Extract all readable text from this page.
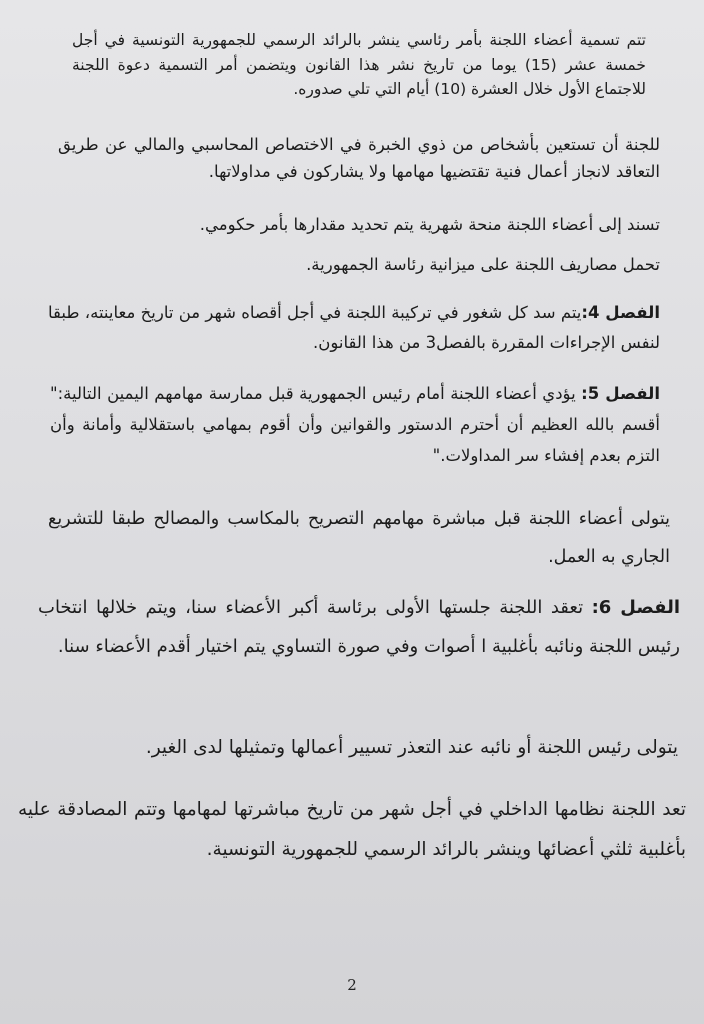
تتم تسمية أعضاء اللجنة بأمر رئاسي ينشر بالرائد الرسمي للجمهورية التونسية في أجل خمسة عشر (15) يوما من تاريخ نشر هذا القانون ويتضمن أمر التسمية دعوة اللجنة للاجتماع الأول خلال العشرة (10) أيام التي تلي صدوره.

للجنة أن تستعين بأشخاص من ذوي الخبرة في الاختصاص المحاسبي والمالي عن طريق التعاقد لانجاز أعمال فنية تقتضيها مهامها ولا يشاركون في مداولاتها.

تسند إلى أعضاء اللجنة منحة شهرية يتم تحديد مقدارها بأمر حكومي.

تحمل مصاريف اللجنة على ميزانية رئاسة الجمهورية.

الفصل 4:يتم سد كل شغور في تركيبة اللجنة في أجل أقصاه شهر من تاريخ معاينته، طبقا لنفس الإجراءات المقررة بالفصل3 من هذا القانون.

الفصل 5: يؤدي أعضاء اللجنة أمام رئيس الجمهورية قبل ممارسة مهامهم اليمين التالية:" أقسم بالله العظيم أن أحترم الدستور والقوانين وأن أقوم بمهامي باستقلالية وأمانة وأن التزم بعدم إفشاء سر المداولات."

يتولى أعضاء اللجنة قبل مباشرة مهامهم التصريح بالمكاسب والمصالح طبقا للتشريع الجاري به العمل.

الفصل 6: تعقد اللجنة جلستها الأولى برئاسة أكبر الأعضاء سنا، ويتم خلالها انتخاب رئيس اللجنة ونائبه بأغلبية ا أصوات وفي صورة التساوي يتم اختيار أقدم الأعضاء سنا.

يتولى رئيس اللجنة أو نائبه عند التعذر تسيير أعمالها وتمثيلها لدى الغير.

تعد اللجنة نظامها الداخلي في أجل شهر من تاريخ مباشرتها لمهامها وتتم المصادقة عليه بأغلبية ثلثي أعضائها وينشر بالرائد الرسمي للجمهورية التونسية.

2
